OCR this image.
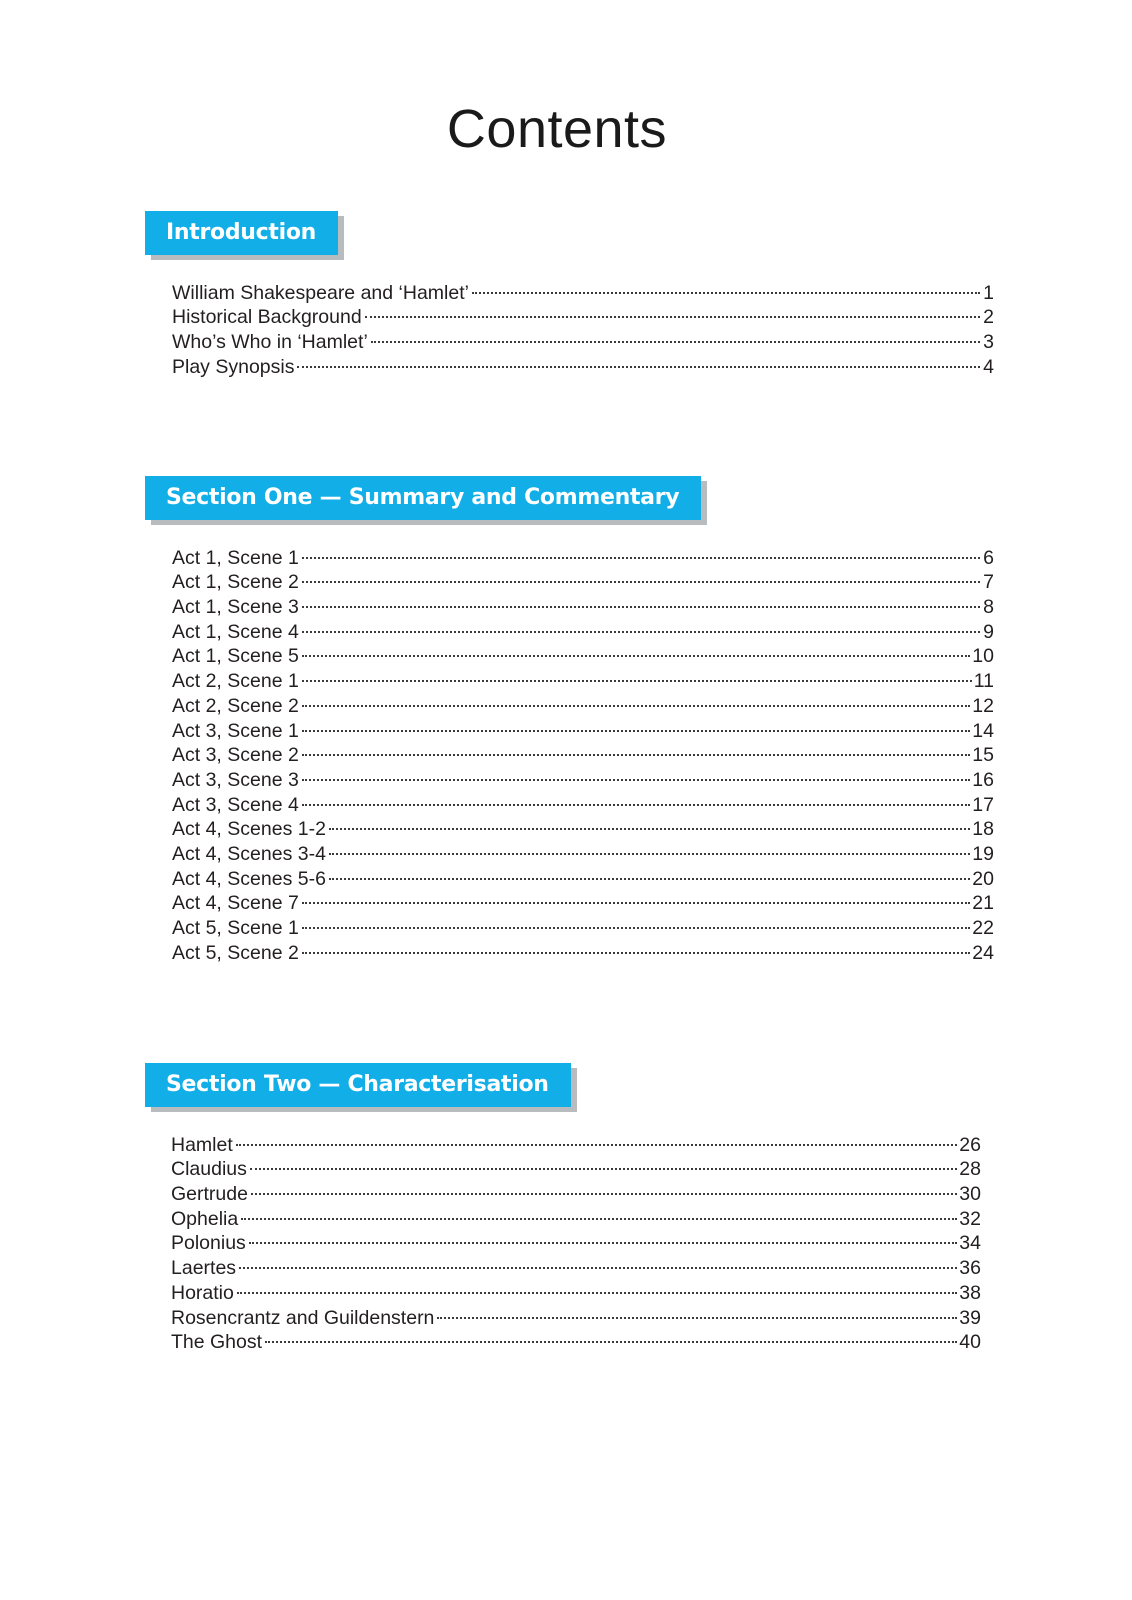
Contents
Introduction
William Shakespeare and ‘Hamlet’	1
Historical Background	2
Who’s Who in ‘Hamlet’	3
Play Synopsis	4
Section One — Summary and Commentary
Act 1, Scene 1	6
Act 1, Scene 2	7
Act 1, Scene 3	8
Act 1, Scene 4	9
Act 1, Scene 5	10
Act 2, Scene 1	11
Act 2, Scene 2	12
Act 3, Scene 1	14
Act 3, Scene 2	15
Act 3, Scene 3	16
Act 3, Scene 4	17
Act 4, Scenes 1-2	18
Act 4, Scenes 3-4	19
Act 4, Scenes 5-6	20
Act 4, Scene 7	21
Act 5, Scene 1	22
Act 5, Scene 2	24
Section Two — Characterisation
Hamlet	26
Claudius	28
Gertrude	30
Ophelia	32
Polonius	34
Laertes	36
Horatio	38
Rosencrantz and Guildenstern	39
The Ghost	40
